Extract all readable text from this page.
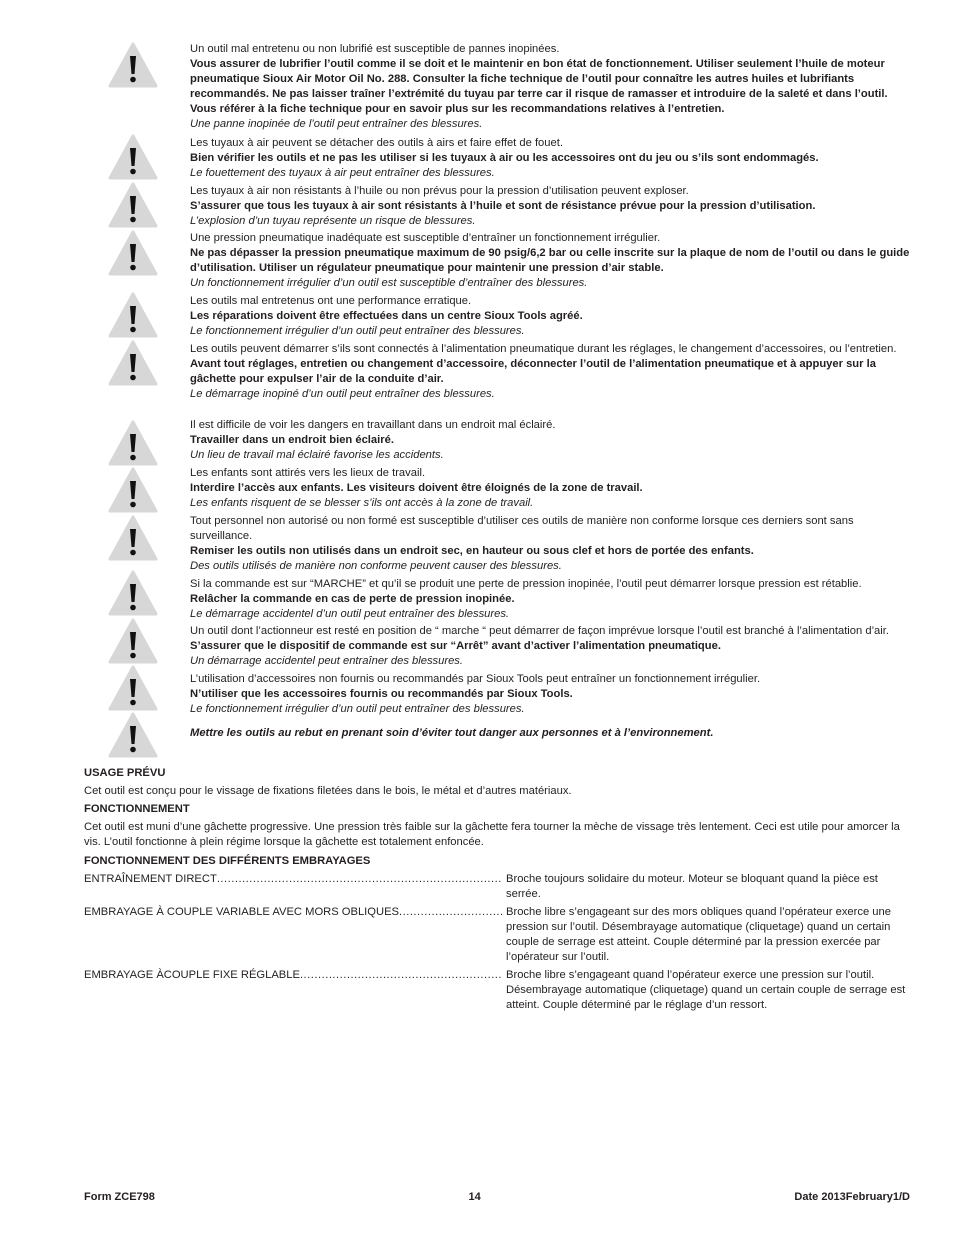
Un outil mal entretenu ou non lubrifié est susceptible de pannes inopinées.
Vous assurer de lubrifier l’outil comme il se doit et le maintenir en bon état de fonctionnement. Utiliser seulement l’huile de moteur pneumatique Sioux Air Motor Oil No. 288. Consulter la fiche technique de l’outil pour connaître les autres huiles et lubrifiants recommandés. Ne pas laisser traîner l’extrémité du tuyau par terre car il risque de ramasser et introduire de la saleté et dans l’outil. Vous référer à la fiche technique pour en savoir plus sur les recommandations relatives à l’entretien.
Une panne inopinée de l’outil peut entraîner des blessures.
Les tuyaux à air peuvent se détacher des outils à airs et faire effet de fouet.
Bien vérifier les outils et ne pas les utiliser si les tuyaux à air ou les accessoires ont du jeu ou s’ils sont endommagés.
Le fouettement des tuyaux à air peut entraîner des blessures.
Les tuyaux à air non résistants à l’huile ou non prévus pour la pression d’utilisation peuvent exploser.
S’assurer que tous les tuyaux à air sont résistants à l’huile et sont de résistance prévue pour la pression d’utilisation.
L’explosion d’un tuyau représente un risque de blessures.
Une pression pneumatique inadéquate est susceptible d’entraîner un fonctionnement irrégulier.
Ne pas dépasser la pression pneumatique maximum de 90 psig/6,2 bar ou celle inscrite sur la plaque de nom de l’outil ou dans le guide d’utilisation. Utiliser un régulateur pneumatique pour maintenir une pression d’air stable.
Un fonctionnement irrégulier d’un outil est susceptible d’entraîner des blessures.
Les outils mal entretenus ont une performance erratique.
Les réparations doivent être effectuées dans un centre Sioux Tools agréé.
Le fonctionnement irrégulier d’un outil peut entraîner des blessures.
Les outils peuvent démarrer s’ils sont connectés à l’alimentation pneumatique durant les réglages, le changement d’accessoires, ou l’entretien.
Avant tout réglages, entretien ou changement d’accessoire, déconnecter l’outil de l’alimentation pneumatique et à appuyer sur la gâchette pour expulser l’air de la conduite d’air.
Le démarrage inopiné d’un outil peut entraîner des blessures.
Il est difficile de voir les dangers en travaillant dans un endroit mal éclairé.
Travailler dans un endroit bien éclairé.
Un lieu de travail mal éclairé favorise les accidents.
Les enfants sont attirés vers les lieux de travail.
Interdire l’accès aux enfants. Les visiteurs doivent être éloignés de la zone de travail.
Les enfants risquent de se blesser s’ils ont accès à la zone de travail.
Tout personnel non autorisé ou non formé est susceptible d’utiliser ces outils de manière non conforme lorsque ces derniers sont sans surveillance.
Remiser les outils non utilisés dans un endroit sec, en hauteur ou sous clef et hors de portée des enfants.
Des outils utilisés de manière non conforme peuvent causer des blessures.
Si la commande est sur “MARCHE” et qu’il se produit une perte de pression inopinée, l’outil peut démarrer lorsque pression est rétablie.
Relâcher la commande en cas de perte de pression inopinée.
Le démarrage accidentel d’un outil peut entraîner des blessures.
Un outil dont l’actionneur est resté en position de “ marche “ peut démarrer de façon imprévue lorsque l’outil est branché à l’alimentation d’air.
S’assurer que le dispositif de commande est sur “Arrêt” avant d’activer l’alimentation pneumatique.
Un démarrage accidentel peut entraîner des blessures.
L’utilisation d’accessoires non fournis ou recommandés par Sioux Tools peut entraîner un fonctionnement irrégulier.
N’utiliser que les accessoires fournis ou recommandés par Sioux Tools.
Le fonctionnement irrégulier d’un outil peut entraîner des blessures.
Mettre les outils au rebut en prenant soin d’éviter tout danger aux personnes et à l’environnement.
USAGE PRÉVU
Cet outil est conçu pour le vissage de fixations filetées dans le bois, le métal et d’autres matériaux.
FONCTIONNEMENT
Cet outil est muni d’une gâchette progressive. Une pression très faible sur la gâchette fera tourner la mèche de vissage très lentement. Ceci est utile pour amorcer la vis. L’outil fonctionne à plein régime lorsque la gâchette est totalement enfoncée.
FONCTIONNEMENT DES DIFFÉRENTS EMBRAYAGES
ENTRAÎNEMENT DIRECT .....	Broche toujours solidaire du moteur. Moteur se bloquant quand la pièce est serrée.
EMBRAYAGE À COUPLE VARIABLE AVEC MORS OBLIQUES .....	Broche libre s’engageant sur des mors obliques quand l’opérateur exerce une pression sur l’outil. Désembrayage automatique (cliquetage) quand un certain couple de serrage est atteint. Couple déterminé par la pression exercée par l’opérateur sur l’outil.
EMBRAYAGE ÀCOUPLE FIXE RÉGLABLE .....	Broche libre s’engageant quand l’opérateur exerce une pression sur l’outil. Désembrayage automatique (cliquetage) quand un certain couple de serrage est atteint. Couple déterminé par le réglage d’un ressort.
Form ZCE798	14	Date 2013February1/D
